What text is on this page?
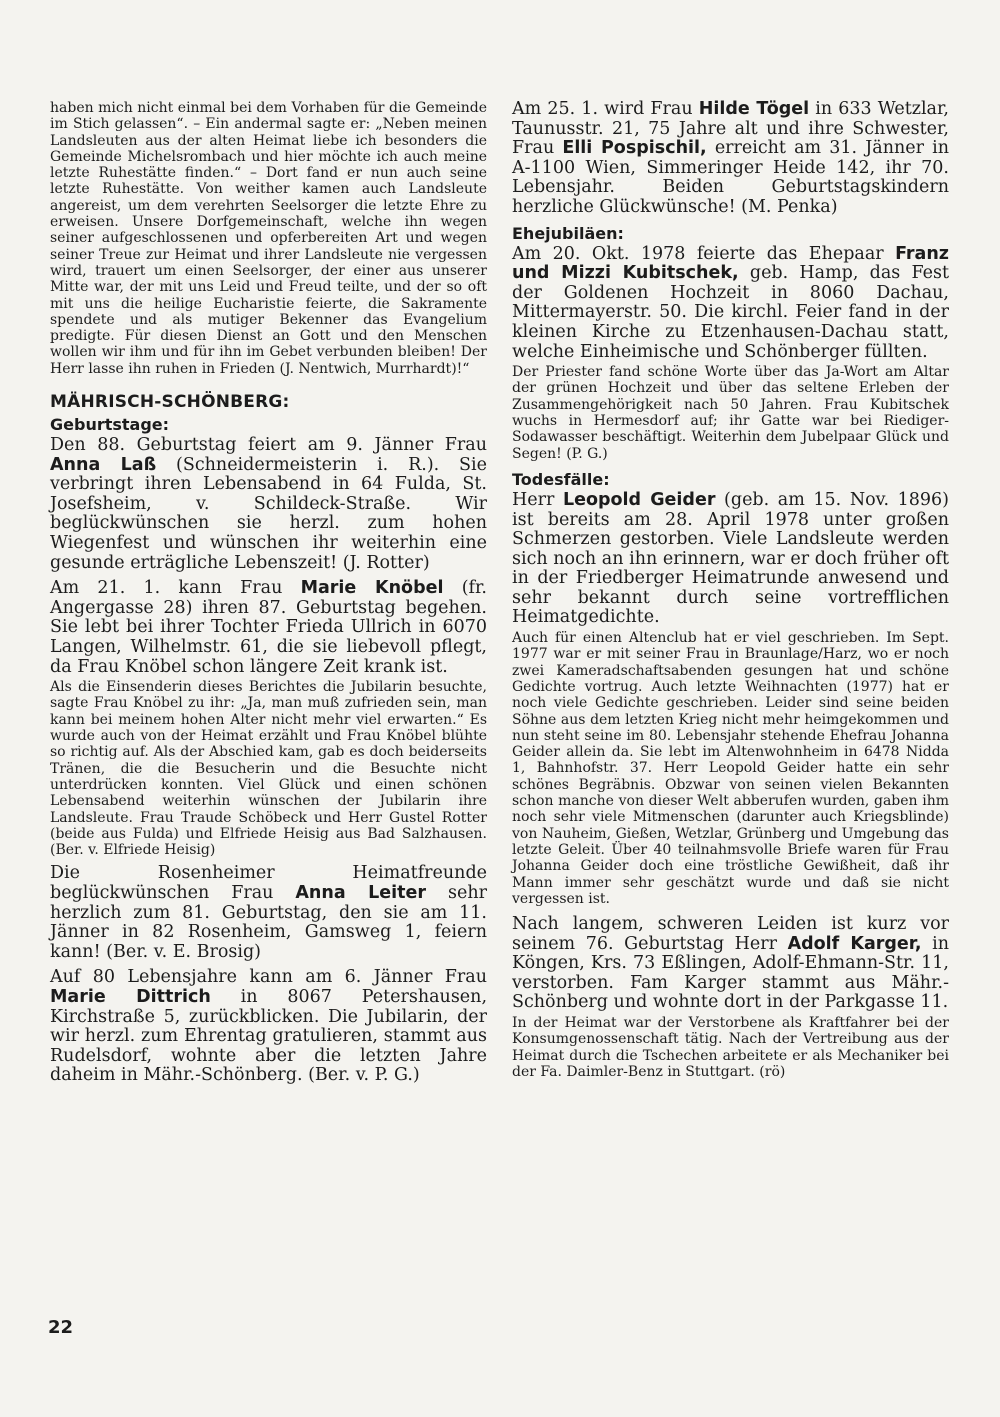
haben mich nicht einmal bei dem Vorhaben für die Gemeinde im Stich gelassen“. – Ein andermal sagte er: „Neben meinen Landsleuten aus der alten Heimat liebe ich besonders die Gemeinde Michelsrombach und hier möchte ich auch meine letzte Ruhestätte finden.“ – Dort fand er nun auch seine letzte Ruhestätte. Von weither kamen auch Landsleute angereist, um dem verehrten Seelsorger die letzte Ehre zu erweisen. Unsere Dorfgemeinschaft, welche ihn wegen seiner aufgeschlossenen und opferbereiten Art und wegen seiner Treue zur Heimat und ihrer Landsleute nie vergessen wird, trauert um einen Seelsorger, der einer aus unserer Mitte war, der mit uns Leid und Freud teilte, und der so oft mit uns die heilige Eucharistie feierte, die Sakramente spendete und als mutiger Bekenner das Evangelium predigte. Für diesen Dienst an Gott und den Menschen wollen wir ihm und für ihn im Gebet verbunden bleiben! Der Herr lasse ihn ruhen in Frieden (J. Nentwich, Murrhardt)!“

MÄHRISCH-SCHÖNBERG:
Geburtstage:

Den 88. Geburtstag feiert am 9. Jänner Frau Anna Laß (Schneidermeisterin i. R.). Sie verbringt ihren Lebensabend in 64 Fulda, St. Josefsheim, v. Schildeck-Straße. Wir beglückwünschen sie herzl. zum hohen Wiegenfest und wünschen ihr weiterhin eine gesunde erträgliche Lebenszeit! (J. Rotter)

Am 21. 1. kann Frau Marie Knöbel (fr. Angergasse 28) ihren 87. Geburtstag begehen. Sie lebt bei ihrer Tochter Frieda Ullrich in 6070 Langen, Wilhelmstr. 61, die sie liebevoll pflegt, da Frau Knöbel schon längere Zeit krank ist.

Als die Einsenderin dieses Berichtes die Jubilarin besuchte, sagte Frau Knöbel zu ihr: „Ja, man muß zufrieden sein, man kann bei meinem hohen Alter nicht mehr viel erwarten.“ Es wurde auch von der Heimat erzählt und Frau Knöbel blühte so richtig auf. Als der Abschied kam, gab es doch beiderseits Tränen, die die Besucherin und die Besuchte nicht unterdrücken konnten. Viel Glück und einen schönen Lebensabend weiterhin wünschen der Jubilarin ihre Landsleute. Frau Traude Schöbeck und Herr Gustel Rotter (beide aus Fulda) und Elfriede Heisig aus Bad Salzhausen. (Ber. v. Elfriede Heisig)

Die Rosenheimer Heimatfreunde beglückwünschen Frau Anna Leiter sehr herzlich zum 81. Geburtstag, den sie am 11. Jänner in 82 Rosenheim, Gamsweg 1, feiern kann! (Ber. v. E. Brosig)

Auf 80 Lebensjahre kann am 6. Jänner Frau Marie Dittrich in 8067 Petershausen, Kirchstraße 5, zurückblicken. Die Jubilarin, der wir herzl. zum Ehrentag gratulieren, stammt aus Rudelsdorf, wohnte aber die letzten Jahre daheim in Mähr.-Schönberg. (Ber. v. P. G.)

Am 25. 1. wird Frau Hilde Tögel in 633 Wetzlar, Taunusstr. 21, 75 Jahre alt und ihre Schwester, Frau Elli Pospischil, erreicht am 31. Jänner in A-1100 Wien, Simmeringer Heide 142, ihr 70. Lebensjahr. Beiden Geburtstagskindern herzliche Glückwünsche! (M. Penka)

Ehejubiläen:

Am 20. Okt. 1978 feierte das Ehepaar Franz und Mizzi Kubitschek, geb. Hamp, das Fest der Goldenen Hochzeit in 8060 Dachau, Mittermayerstr. 50. Die kirchl. Feier fand in der kleinen Kirche zu Etzenhausen-Dachau statt, welche Einheimische und Schönberger füllten.

Der Priester fand schöne Worte über das Ja-Wort am Altar der grünen Hochzeit und über das seltene Erleben der Zusammengehörigkeit nach 50 Jahren. Frau Kubitschek wuchs in Hermesdorf auf; ihr Gatte war bei Riediger-Sodawasser beschäftigt. Weiterhin dem Jubelpaar Glück und Segen! (P. G.)

Todesfälle:

Herr Leopold Geider (geb. am 15. Nov. 1896) ist bereits am 28. April 1978 unter großen Schmerzen gestorben. Viele Landsleute werden sich noch an ihn erinnern, war er doch früher oft in der Friedberger Heimatrunde anwesend und sehr bekannt durch seine vortrefflichen Heimatgedichte.

Auch für einen Altenclub hat er viel geschrieben. Im Sept. 1977 war er mit seiner Frau in Braunlage/Harz, wo er noch zwei Kameradschaftsabenden gesungen hat und schöne Gedichte vortrug. Auch letzte Weihnachten (1977) hat er noch viele Gedichte geschrieben. Leider sind seine beiden Söhne aus dem letzten Krieg nicht mehr heimgekommen und nun steht seine im 80. Lebensjahr stehende Ehefrau Johanna Geider allein da. Sie lebt im Altenwohnheim in 6478 Nidda 1, Bahnhofstr. 37. Herr Leopold Geider hatte ein sehr schönes Begräbnis. Obzwar von seinen vielen Bekannten schon manche von dieser Welt abberufen wurden, gaben ihm noch sehr viele Mitmenschen (darunter auch Kriegsblinde) von Nauheim, Gießen, Wetzlar, Grünberg und Umgebung das letzte Geleit. Über 40 teilnahmsvolle Briefe waren für Frau Johanna Geider doch eine tröstliche Gewißheit, daß ihr Mann immer sehr geschätzt wurde und daß sie nicht vergessen ist.

Nach langem, schweren Leiden ist kurz vor seinem 76. Geburtstag Herr Adolf Karger, in Köngen, Krs. 73 Eßlingen, Adolf-Ehmann-Str. 11, verstorben. Fam Karger stammt aus Mähr.-Schönberg und wohnte dort in der Parkgasse 11.

In der Heimat war der Verstorbene als Kraftfahrer bei der Konsumgenossenschaft tätig. Nach der Vertreibung aus der Heimat durch die Tschechen arbeitete er als Mechaniker bei der Fa. Daimler-Benz in Stuttgart. (rö)

22
